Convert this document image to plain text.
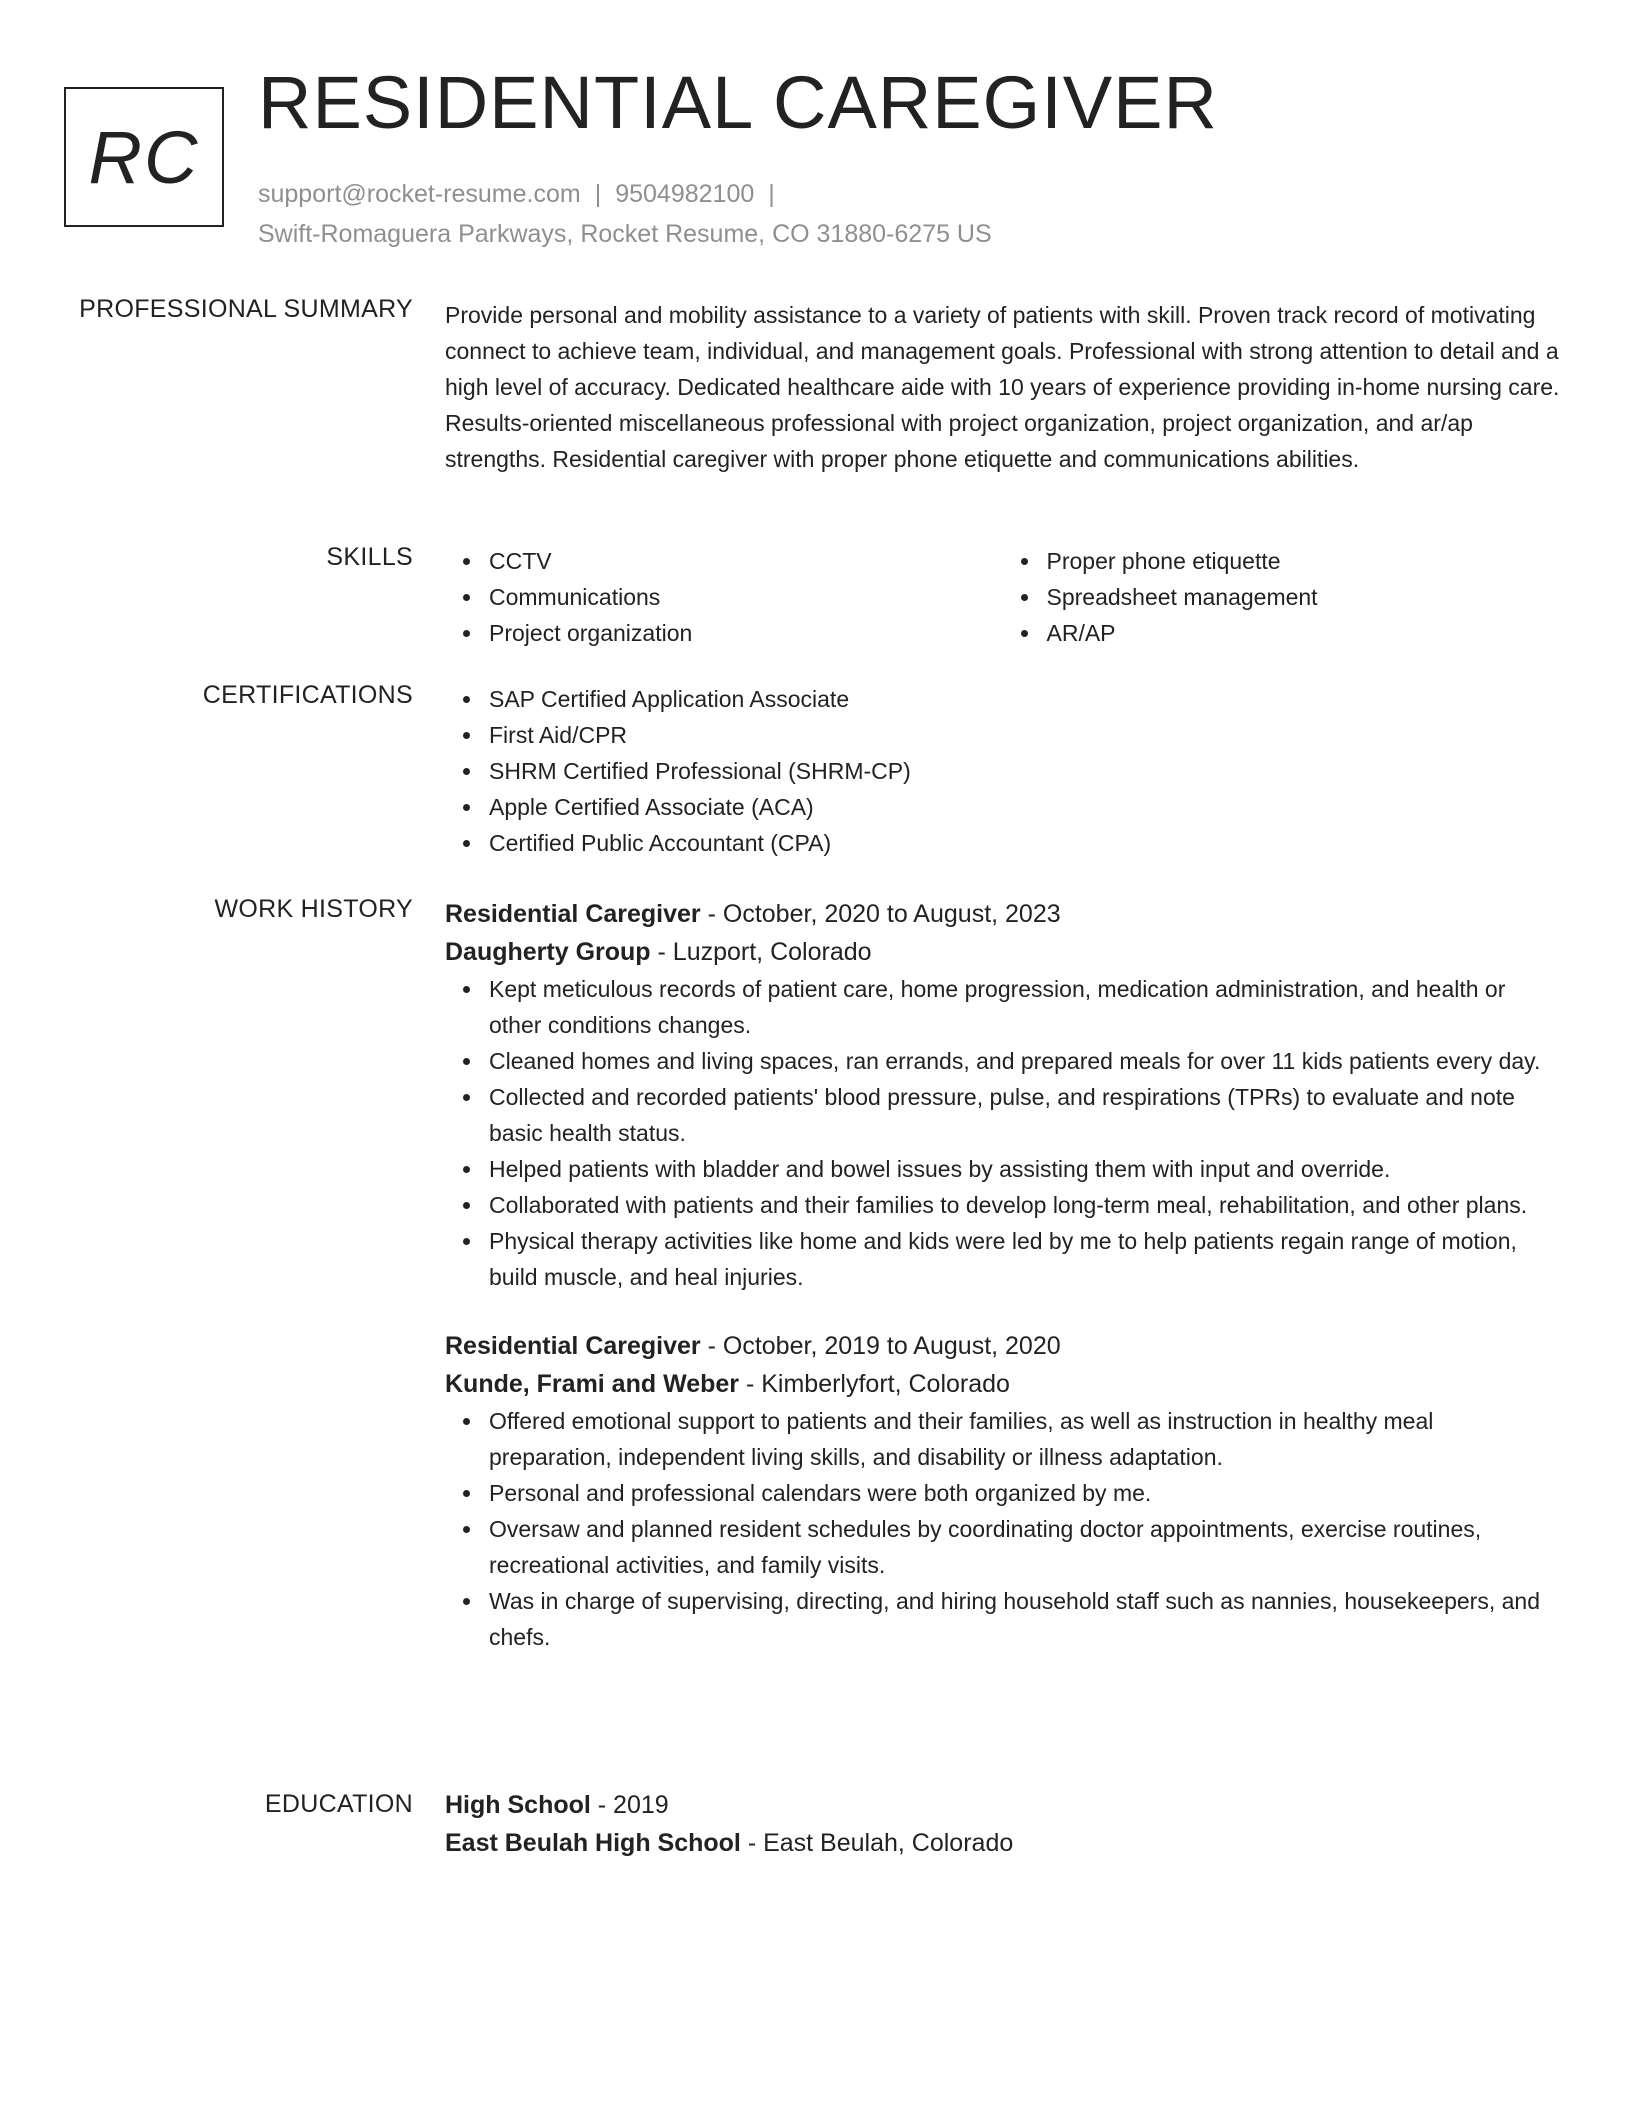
RC
RESIDENTIAL CAREGIVER
support@rocket-resume.com | 9504982100 |
Swift-Romaguera Parkways, Rocket Resume, CO 31880-6275 US
PROFESSIONAL SUMMARY Provide personal and mobility assistance to a variety of patients with skill. Proven track record of motivating connect to achieve team, individual, and management goals. Professional with strong attention to detail and a high level of accuracy. Dedicated healthcare aide with 10 years of experience providing in-home nursing care. Results-oriented miscellaneous professional with project organization, project organization, and ar/ap strengths. Residential caregiver with proper phone etiquette and communications abilities.

SKILLS	CCTV
Communications
Project organization
Proper phone etiquette
Spreadsheet management
AR/AP
CERTIFICATIONS	SAP Certified Application Associate
First Aid/CPR
SHRM Certified Professional (SHRM-CP)
Apple Certified Associate (ACA)
Certified Public Accountant (CPA)
WORK HISTORY Residential Caregiver - October, 2020 to August, 2023
Daugherty Group - Luzport, Colorado
Kept meticulous records of patient care, home progression, medication administration, and health or other conditions changes.
Cleaned homes and living spaces, ran errands, and prepared meals for over 11 kids patients every day.
Collected and recorded patients' blood pressure, pulse, and respirations (TPRs) to evaluate and note basic health status.
Helped patients with bladder and bowel issues by assisting them with input and override.
Collaborated with patients and their families to develop long-term meal, rehabilitation, and other plans.
Physical therapy activities like home and kids were led by me to help patients regain range of motion, build muscle, and heal injuries.
Residential Caregiver - October, 2019 to August, 2020
Kunde, Frami and Weber - Kimberlyfort, Colorado
Offered emotional support to patients and their families, as well as instruction in healthy meal preparation, independent living skills, and disability or illness adaptation.
Personal and professional calendars were both organized by me.
Oversaw and planned resident schedules by coordinating doctor appointments, exercise routines, recreational activities, and family visits.
Was in charge of supervising, directing, and hiring household staff such as nannies, housekeepers, and chefs.
EDUCATION High School - 2019
East Beulah High School - East Beulah, Colorado
